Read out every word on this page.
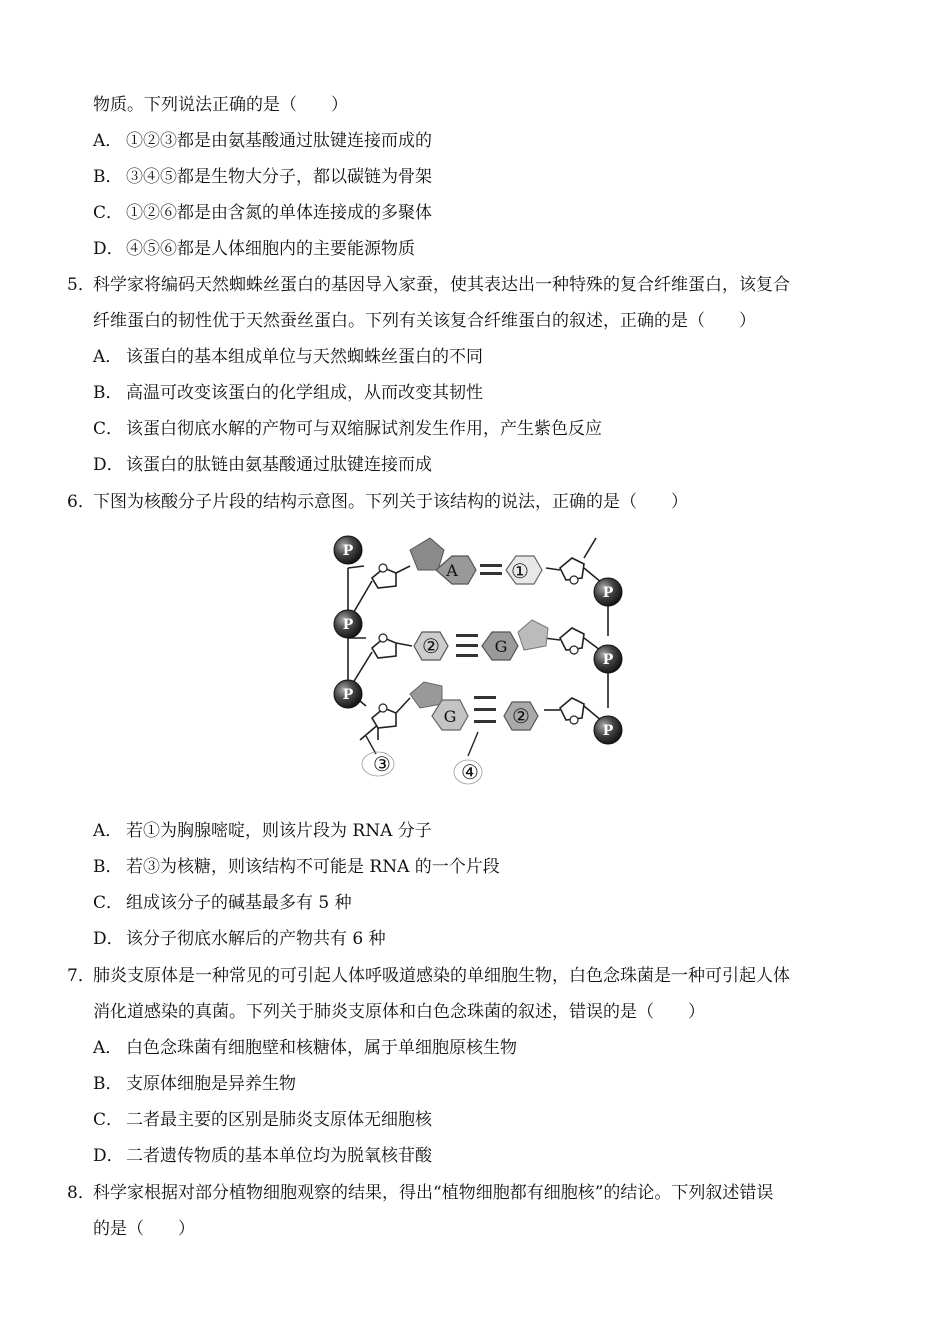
物质。下列说法正确的是（　　）
A． ①②③都是由氨基酸通过肽键连接而成的
B． ③④⑤都是生物大分子，都以碳链为骨架
C． ①②⑥都是由含氮的单体连接成的多聚体
D． ④⑤⑥都是人体细胞内的主要能源物质
5．科学家将编码天然蜘蛛丝蛋白的基因导入家蚕，使其表达出一种特殊的复合纤维蛋白，该复合
纤维蛋白的韧性优于天然蚕丝蛋白。下列有关该复合纤维蛋白的叙述，正确的是（　　）
A． 该蛋白的基本组成单位与天然蜘蛛丝蛋白的不同
B． 高温可改变该蛋白的化学组成，从而改变其韧性
C． 该蛋白彻底水解的产物可与双缩脲试剂发生作用，产生紫色反应
D． 该蛋白的肽链由氨基酸通过肽键连接而成
6．下图为核酸分子片段的结构示意图。下列关于该结构的说法，正确的是（　　）
P
P
P
P
P
P
A	①
②	G
G	②
③	④
A． 若①为胸腺嘧啶，则该片段为 RNA 分子
B． 若③为核糖，则该结构不可能是 RNA 的一个片段
C． 组成该分子的碱基最多有 5 种
D． 该分子彻底水解后的产物共有 6 种
7．肺炎支原体是一种常见的可引起人体呼吸道感染的单细胞生物，白色念珠菌是一种可引起人体
消化道感染的真菌。下列关于肺炎支原体和白色念珠菌的叙述，错误的是（　　）
A． 白色念珠菌有细胞壁和核糖体，属于单细胞原核生物
B． 支原体细胞是异养生物
C． 二者最主要的区别是肺炎支原体无细胞核
D． 二者遗传物质的基本单位均为脱氧核苷酸
8．科学家根据对部分植物细胞观察的结果，得出“植物细胞都有细胞核”的结论。下列叙述错误
的是（　　）
